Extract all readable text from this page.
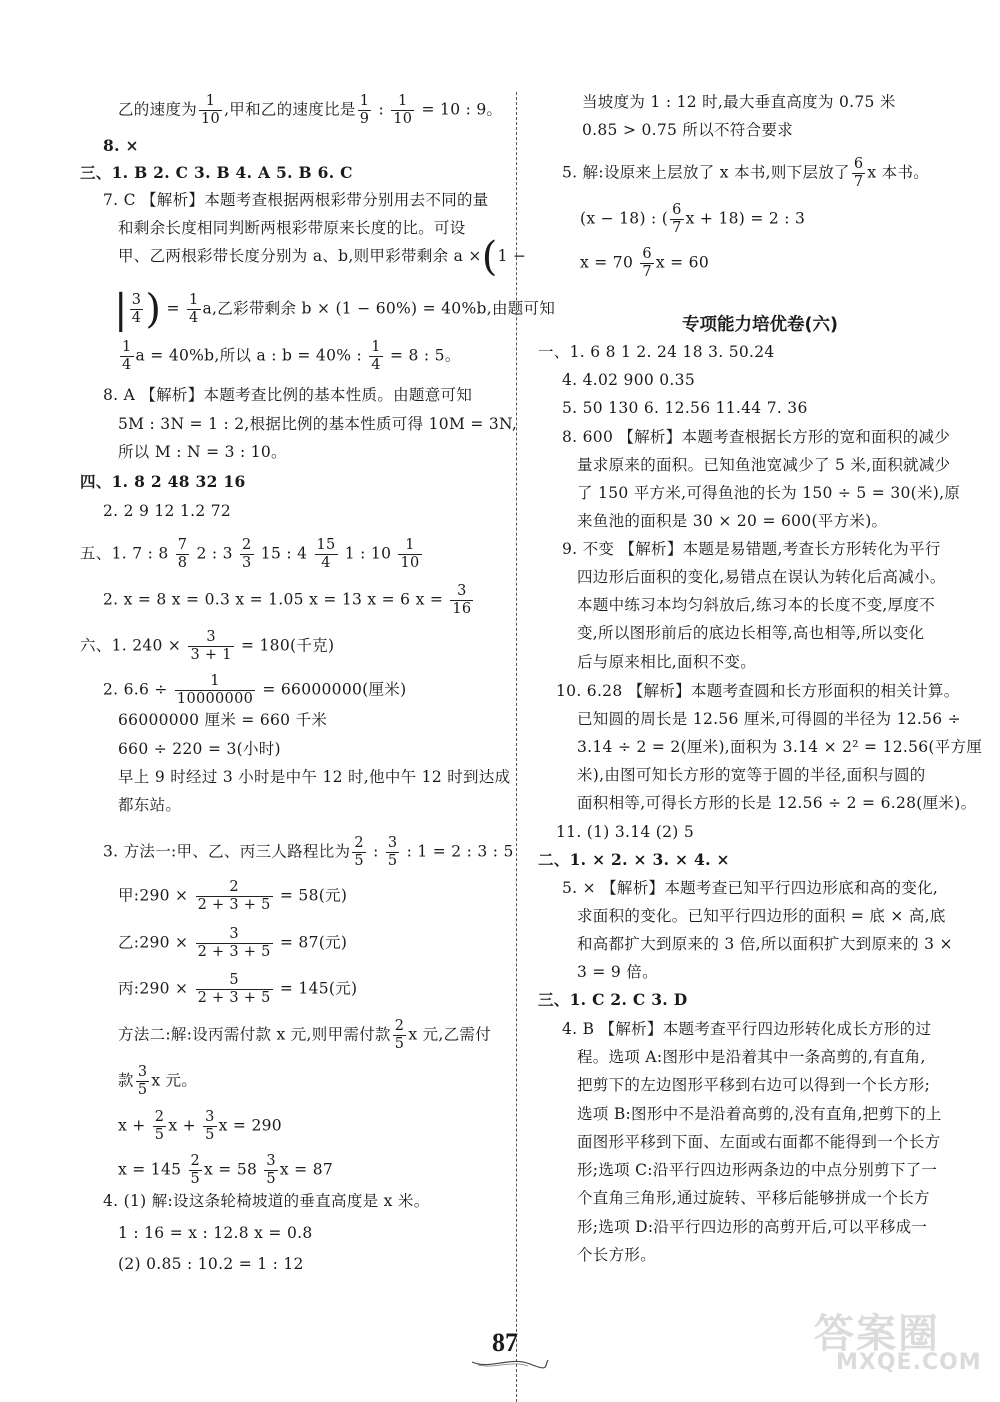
乙的速度为 $\frac{1}{10}$ ,甲和乙的速度比是 $\frac{1}{9}$ : $\frac{1}{10} = 10$ : 9。
8. ×
三、1. B 2. C 3. B 4. A 5. B 6. C
7. C 【解析】本题考查根据两根彩带分别用去不同的量
和剩余长度相同判断两根彩带原来长度的比。可设
甲、乙两根彩带长度分别为 a、b,则甲彩带剩余 a ×(1 −
| $\frac{3}{4}$ ) = $\frac{1}{4} a$,乙彩带剩余 b × (1 − 60%) = 40%b,由题可知
$\frac{1}{4}$ a = 40%b,所以 a : b = 40% : $\frac{1}{4} = 8$ : 5。
8. A 【解析】本题考查比例的基本性质。由题意可知
5M : 3N = 1 : 2,根据比例的基本性质可得 10M = 3N,
所以 M : N = 3 : 10。
四、1. 8 2 48 32 16
2. 2 9 12 1.2 72
五、1. 7 : $8 \frac{7}{8} 2$ : $3 \frac{2}{3} 15$ : $4 \frac{15}{4} 1$ : $10 \frac{1}{10}$
2. x = 8 x = 0.3 x = 1.05 x = 13 x = 6 $x = \frac{3}{16}$
六、1. $240 \times \frac{3}{3 + 1} = 180$(千克)
2. $6.6 \div \frac{1}{10000000} = 66000000$(厘米)
66000000 厘米 = 660 千米
660 ÷ 220 = 3(小时)
早上 9 时经过 3 小时是中午 12 时,他中午 12 时到达成
都东站。
3. 方法一:甲、乙、丙三人路程比为 $\frac{2}{5}$ : $\frac{3}{5}$ : 1 = 2 : 3 : 5
甲:290 × $\frac{2}{2 + 3 + 5} = 58$(元)
乙:290 × $\frac{3}{2 + 3 + 5} = 87$(元)
丙:290 × $\frac{5}{2 + 3 + 5} = 145$(元)
方法二:解:设丙需付款 x 元,则甲需付款 $\frac{2}{5}$ x 元,乙需付
款 $\frac{3}{5}$ x 元。
$x + \frac{2}{5}$ $x + \frac{3}{5}$ x = 290
$x = 145 \frac{2}{5}$ $x = 58 \frac{3}{5}$ x = 87
4. (1) 解:设这条轮椅坡道的垂直高度是 x 米。
1 : 16 = x : 12.8 x = 0.8
(2) 0.85 : 10.2 = 1 : 12
当坡度为 1 : 12 时,最大垂直高度为 0.75 米
0.85 > 0.75 所以不符合要求
5. 解:设原来上层放了 x 本书,则下层放了 $\frac{6}{7}$ x 本书。
(x − 18) : ( $\frac{6}{7}$ x + 18) = 2 : 3
$x = 70 \frac{6}{7}$ x = 60
专项能力培优卷(六)
一、1. 6 8 1 2. 24 18 3. 50.24
4. 4.02 900 0.35
5. 50 130 6. 12.56 11.44 7. 36
8. 600 【解析】本题考查根据长方形的宽和面积的减少
量求原来的面积。已知鱼池宽减少了 5 米,面积就减少
了 150 平方米,可得鱼池的长为 150 ÷ 5 = 30(米),原
来鱼池的面积是 30 × 20 = 600(平方米)。
9. 不变 【解析】本题是易错题,考查长方形转化为平行
四边形后面积的变化,易错点在误认为转化后高减小。
本题中练习本均匀斜放后,练习本的长度不变,厚度不
变,所以图形前后的底边长相等,高也相等,所以变化
后与原来相比,面积不变。
10. 6.28 【解析】本题考查圆和长方形面积的相关计算。
已知圆的周长是 12.56 厘米,可得圆的半径为 12.56 ÷
3.14 ÷ 2 = 2(厘米),面积为 3.14 × 2² = 12.56(平方厘
米),由图可知长方形的宽等于圆的半径,面积与圆的
面积相等,可得长方形的长是 12.56 ÷ 2 = 6.28(厘米)。
11. (1) 3.14 (2) 5
二、1. × 2. × 3. × 4. ×
5. × 【解析】本题考查已知平行四边形底和高的变化,
求面积的变化。已知平行四边形的面积 = 底 × 高,底
和高都扩大到原来的 3 倍,所以面积扩大到原来的 3 ×
3 = 9 倍。
三、1. C 2. C 3. D
4. B 【解析】本题考查平行四边形转化成长方形的过
程。选项 A:图形中是沿着其中一条高剪的,有直角,
把剪下的左边图形平移到右边可以得到一个长方形;
选项 B:图形中不是沿着高剪的,没有直角,把剪下的上
面图形平移到下面、左面或右面都不能得到一个长方
形;选项 C:沿平行四边形两条边的中点分别剪下了一
个直角三角形,通过旋转、平移后能够拼成一个长方
形;选项 D:沿平行四边形的高剪开后,可以平移成一
个长方形。
87	答案圈
MXQE.COM
